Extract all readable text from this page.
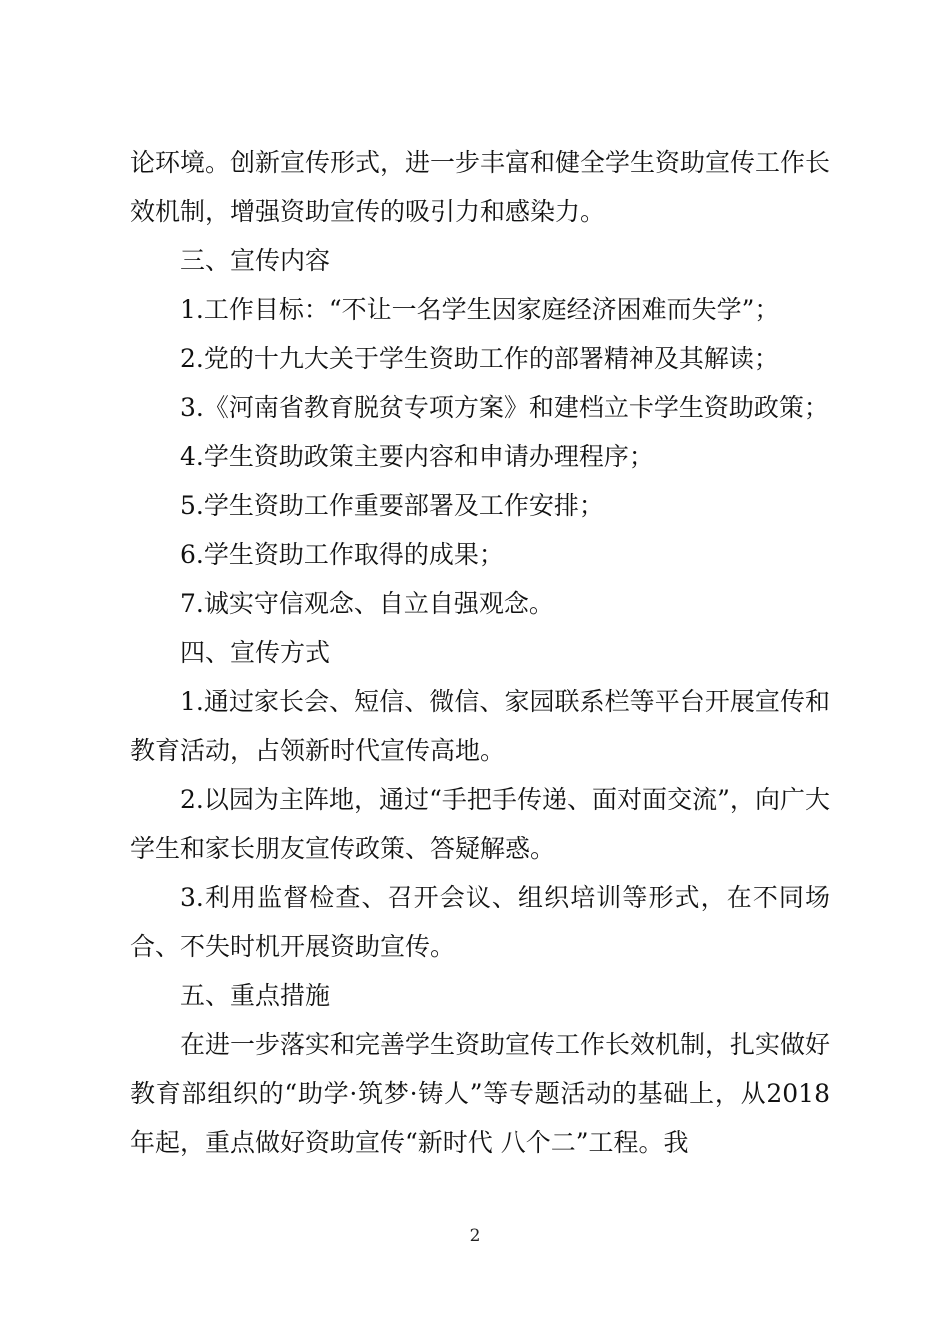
论环境。创新宣传形式，进一步丰富和健全学生资助宣传工作长效机制，增强资助宣传的吸引力和感染力。

三、宣传内容

1.工作目标：“不让一名学生因家庭经济困难而失学”；

2.党的十九大关于学生资助工作的部署精神及其解读；

3.《河南省教育脱贫专项方案》和建档立卡学生资助政策；

4.学生资助政策主要内容和申请办理程序；

5.学生资助工作重要部署及工作安排；

6.学生资助工作取得的成果；

7.诚实守信观念、自立自强观念。

四、宣传方式

1.通过家长会、短信、微信、家园联系栏等平台开展宣传和教育活动，占领新时代宣传高地。

2.以园为主阵地，通过“手把手传递、面对面交流”，向广大学生和家长朋友宣传政策、答疑解惑。

3.利用监督检查、召开会议、组织培训等形式，在不同场合、不失时机开展资助宣传。

五、重点措施

在进一步落实和完善学生资助宣传工作长效机制，扎实做好教育部组织的“助学·筑梦·铸人”等专题活动的基础上，从2018年起，重点做好资助宣传“新时代 八个二”工程。我

2
